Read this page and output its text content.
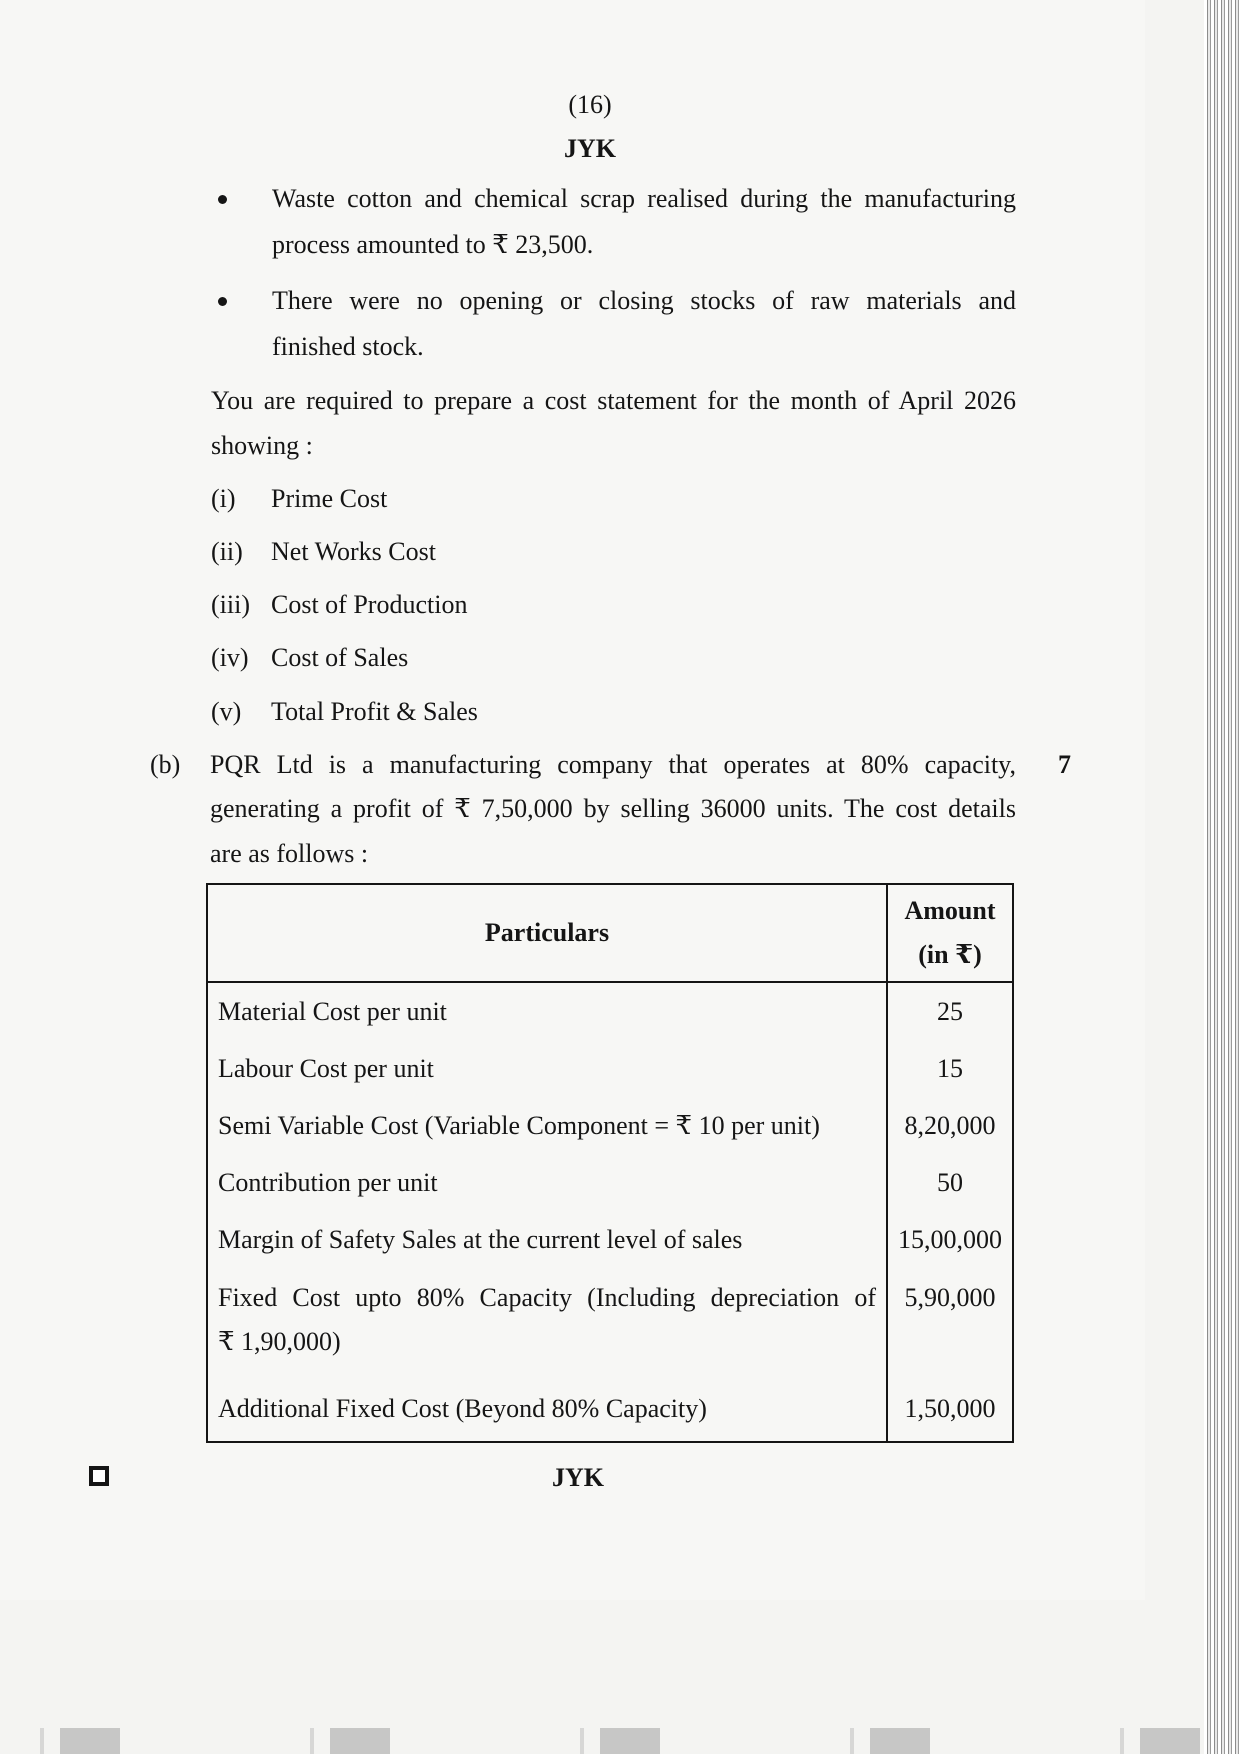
(16)
JYK
Waste cotton and chemical scrap realised during the manufacturing
process amounted to ₹ 23,500.
There were no opening or closing stocks of raw materials and
finished stock.
You are required to prepare a cost statement for the month of April 2026
showing :
(i) Prime Cost
(ii) Net Works Cost
(iii) Cost of Production
(iv) Cost of Sales
(v) Total Profit & Sales
(b)	7
PQR Ltd is a manufacturing company that operates at 80% capacity,
generating a profit of ₹ 7,50,000 by selling 36000 units. The cost details
are as follows :
Particulars	Amount
(in ₹)

Material Cost per unit	25
Labour Cost per unit	15
Semi Variable Cost (Variable Component = ₹ 10 per unit)	8,20,000
Contribution per unit	50
Margin of Safety Sales at the current level of sales	15,00,000

Fixed Cost upto 80% Capacity (Including depreciation of
₹ 1,90,000)	5,90,000
Additional Fixed Cost (Beyond 80% Capacity)	1,50,000
JYK
